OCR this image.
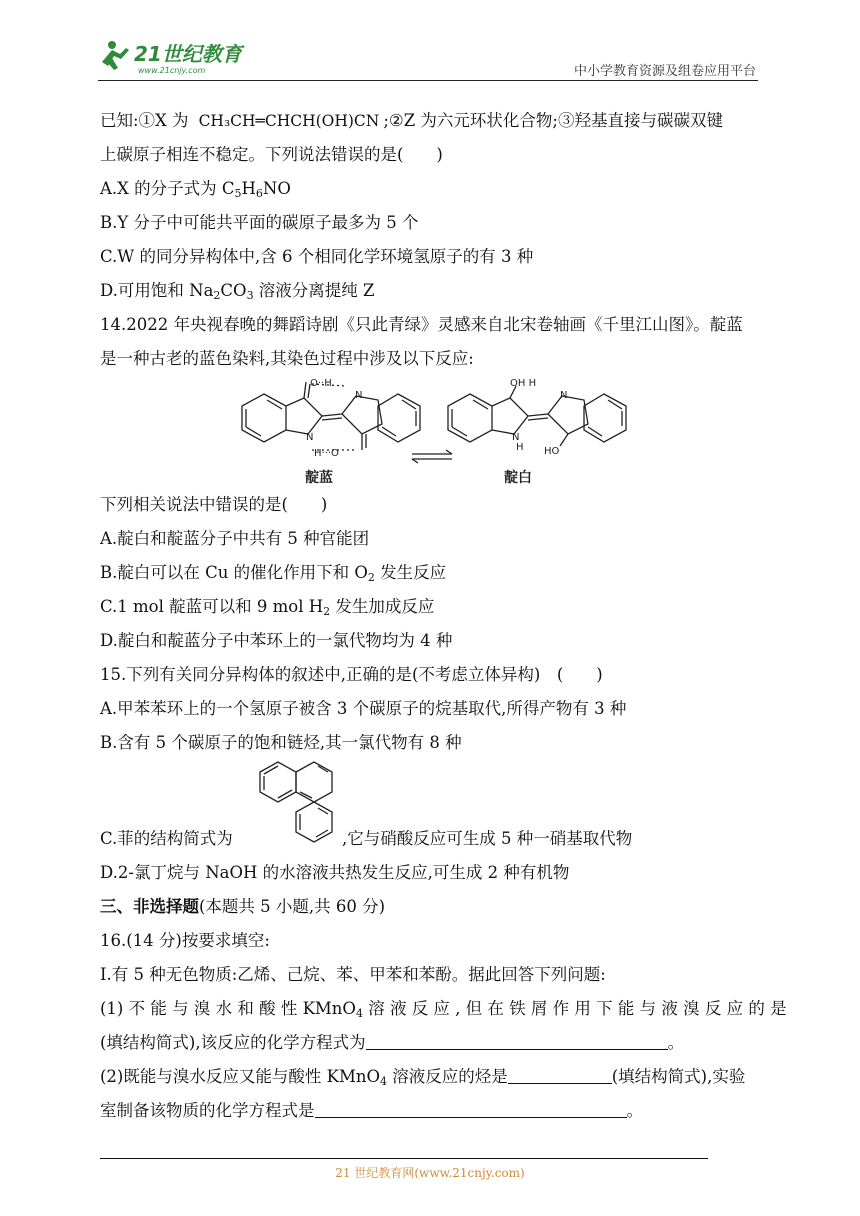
21世纪教育
www.21cnjy.com	中小学教育资源及组卷应用平台

已知:①X 为 CH₃CH═CHCH(OH)CN ;②Z 为六元环状化合物;③羟基直接与碳碳双键

上碳原子相连不稳定。下列说法错误的是(　　)

A.X 的分子式为 $C_5H_6NO$

B.Y 分子中可能共平面的碳原子最多为 5 个

C.W 的同分异构体中,含 6 个相同化学环境氢原子的有 3 种

D.可用饱和 $Na_2CO_3$ 溶液分离提纯 Z

14.2022 年央视春晚的舞蹈诗剧《只此青绿》灵感来自北宋卷轴画《千里江山图》。靛蓝

是一种古老的蓝色染料,其染色过程中涉及以下反应:

O··H
N
N
H···O
OH H
N
N
H HO
靛蓝	靛白

下列相关说法中错误的是(　　)

A.靛白和靛蓝分子中共有 5 种官能团

B.靛白可以在 Cu 的催化作用下和 $O_2$ 发生反应

C.1 mol 靛蓝可以和 9 mol $H_2$ 发生加成反应

D.靛白和靛蓝分子中苯环上的一氯代物均为 4 种

15.下列有关同分异构体的叙述中,正确的是(不考虑立体异构)　(　　)

A.甲苯苯环上的一个氢原子被含 3 个碳原子的烷基取代,所得产物有 3 种

B.含有 5 个碳原子的饱和链烃,其一氯代物有 8 种

C.菲的结构简式为	,它与硝酸反应可生成 5 种一硝基取代物

D.2-氯丁烷与 NaOH 的水溶液共热发生反应,可生成 2 种有机物

三、非选择题(本题共 5 小题,共 60 分)

16.(14 分)按要求填空:

Ⅰ.有 5 种无色物质:乙烯、己烷、苯、甲苯和苯酚。据此回答下列问题:

(1) 不 能 与 溴 水 和 酸 性 KMnO$_4$ 溶 液 反 应 , 但 在 铁 屑 作 用 下 能 与 液 溴 反 应 的 是

(填结构简式),该反应的化学方程式为	。

(2)既能与溴水反应又能与酸性 KMnO$_4$ 溶液反应的烃是	(填结构简式),实验

室制备该物质的化学方程式是	。

21 世纪教育网(www.21cnjy.com)
